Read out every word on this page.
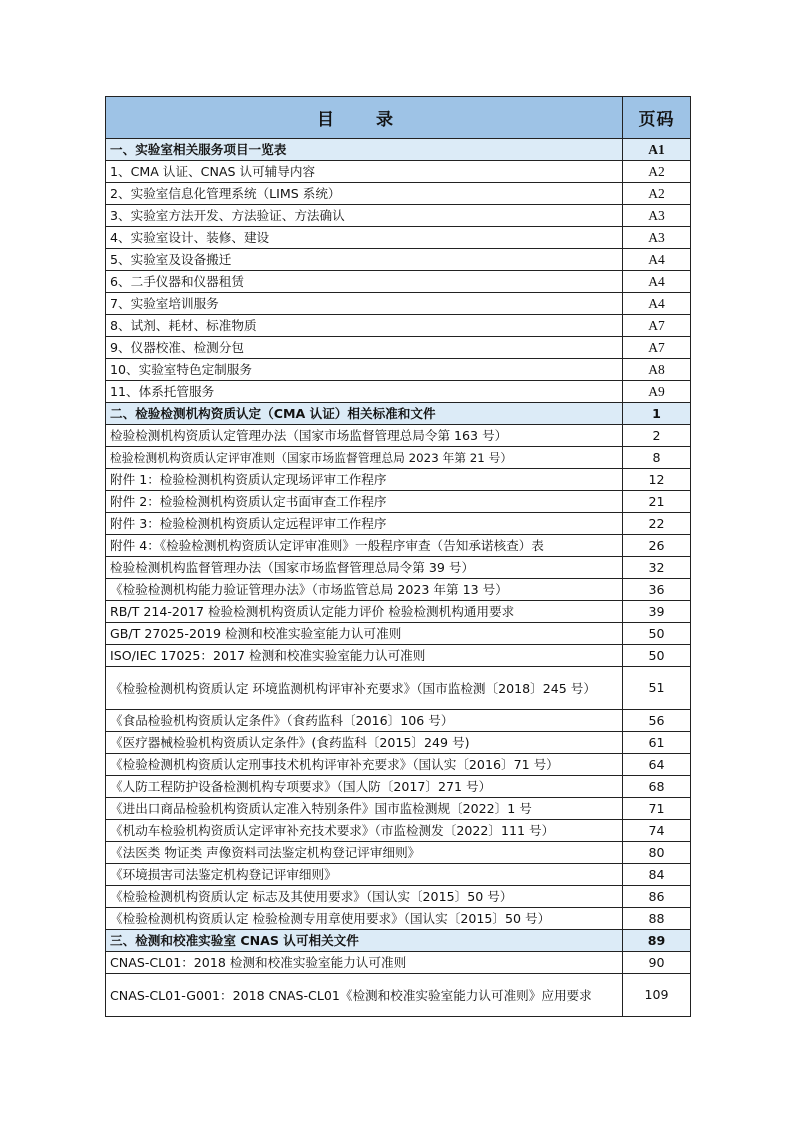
目 录	页码
一、实验室相关服务项目一览表	A1
1、CMA 认证、CNAS 认可辅导内容	A2
2、实验室信息化管理系统（LIMS 系统）	A2
3、实验室方法开发、方法验证、方法确认	A3
4、实验室设计、装修、建设	A3
5、实验室及设备搬迁	A4
6、二手仪器和仪器租赁	A4
7、实验室培训服务	A4
8、试剂、耗材、标准物质	A7
9、仪器校准、检测分包	A7
10、实验室特色定制服务	A8
11、体系托管服务	A9
二、检验检测机构资质认定（CMA 认证）相关标准和文件	1
检验检测机构资质认定管理办法（国家市场监督管理总局令第 163 号）	2
检验检测机构资质认定评审准则（国家市场监督管理总局 2023 年第 21 号）	8
附件 1：检验检测机构资质认定现场评审工作程序	12
附件 2：检验检测机构资质认定书面审查工作程序	21
附件 3：检验检测机构资质认定远程评审工作程序	22
附件 4：《检验检测机构资质认定评审准则》一般程序审查（告知承诺核查）表	26
检验检测机构监督管理办法（国家市场监督管理总局令第 39 号）	32
《检验检测机构能力验证管理办法》（市场监管总局 2023 年第 13 号）	36
RB/T 214-2017 检验检测机构资质认定能力评价 检验检测机构通用要求	39
GB/T 27025-2019 检测和校准实验室能力认可准则	50
ISO/IEC 17025：2017 检测和校准实验室能力认可准则	50
《检验检测机构资质认定 环境监测机构评审补充要求》（国市监检测〔2018〕245 号）	51
《食品检验机构资质认定条件》（食药监科〔2016〕106 号）	56
《医疗器械检验机构资质认定条件》(食药监科〔2015〕249 号)	61
《检验检测机构资质认定刑事技术机构评审补充要求》（国认实〔2016〕71 号）	64
《人防工程防护设备检测机构专项要求》（国人防〔2017〕271 号）	68
《进出口商品检验机构资质认定准入特别条件》国市监检测规〔2022〕1 号	71
《机动车检验机构资质认定评审补充技术要求》（市监检测发〔2022〕111 号）	74
《法医类 物证类 声像资料司法鉴定机构登记评审细则》	80
《环境损害司法鉴定机构登记评审细则》	84
《检验检测机构资质认定 标志及其使用要求》（国认实〔2015〕50 号）	86
《检验检测机构资质认定 检验检测专用章使用要求》（国认实〔2015〕50 号）	88
三、检测和校准实验室 CNAS 认可相关文件	89
CNAS-CL01：2018 检测和校准实验室能力认可准则	90
CNAS-CL01-G001：2018 CNAS-CL01《检测和校准实验室能力认可准则》应用要求	109
